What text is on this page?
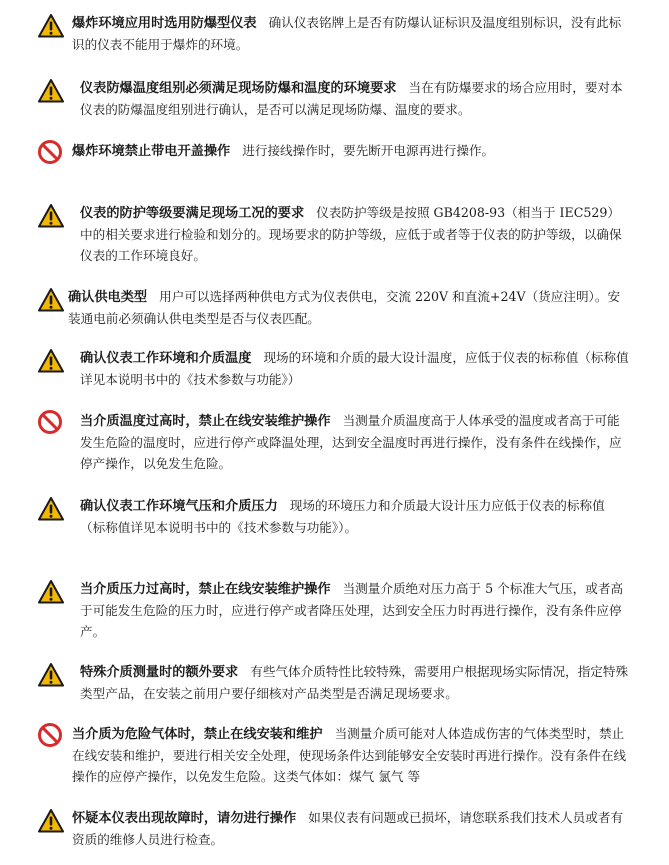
爆炸环境应用时选用防爆型仪表 确认仪表铭牌上是否有防爆认证标识及温度组别标识，没有此标识的仪表不能用于爆炸的环境。
仪表防爆温度组别必须满足现场防爆和温度的环境要求 当在有防爆要求的场合应用时，要对本仪表的防爆温度组别进行确认，是否可以满足现场防爆、温度的要求。
爆炸环境禁止带电开盖操作 进行接线操作时，要先断开电源再进行操作。
仪表的防护等级要满足现场工况的要求 仪表防护等级是按照 GB4208-93（相当于 IEC529）中的相关要求进行检验和划分的。现场要求的防护等级，应低于或者等于仪表的防护等级，以确保仪表的工作环境良好。
确认供电类型 用户可以选择两种供电方式为仪表供电，交流 220V 和直流+24V（货应注明）。安装通电前必须确认供电类型是否与仪表匹配。
确认仪表工作环境和介质温度 现场的环境和介质的最大设计温度，应低于仪表的标称值（标称值详见本说明书中的《技术参数与功能》）
当介质温度过高时，禁止在线安装维护操作 当测量介质温度高于人体承受的温度或者高于可能发生危险的温度时，应进行停产或降温处理，达到安全温度时再进行操作，没有条件在线操作，应停产操作，以免发生危险。
确认仪表工作环境气压和介质压力 现场的环境压力和介质最大设计压力应低于仪表的标称值（标称值详见本说明书中的《技术参数与功能》）。
当介质压力过高时，禁止在线安装维护操作 当测量介质绝对压力高于 5 个标准大气压，或者高于可能发生危险的压力时，应进行停产或者降压处理，达到安全压力时再进行操作，没有条件应停产。
特殊介质测量时的额外要求 有些气体介质特性比较特殊，需要用户根据现场实际情况，指定特殊类型产品，在安装之前用户要仔细核对产品类型是否满足现场要求。
当介质为危险气体时，禁止在线安装和维护 当测量介质可能对人体造成伤害的气体类型时，禁止在线安装和维护，要进行相关安全处理，使现场条件达到能够安全安装时再进行操作。没有条件在线操作的应停产操作，以免发生危险。这类气体如：煤气 氯气 等
怀疑本仪表出现故障时，请勿进行操作 如果仪表有问题或已损坏，请您联系我们技术人员或者有资质的维修人员进行检查。
